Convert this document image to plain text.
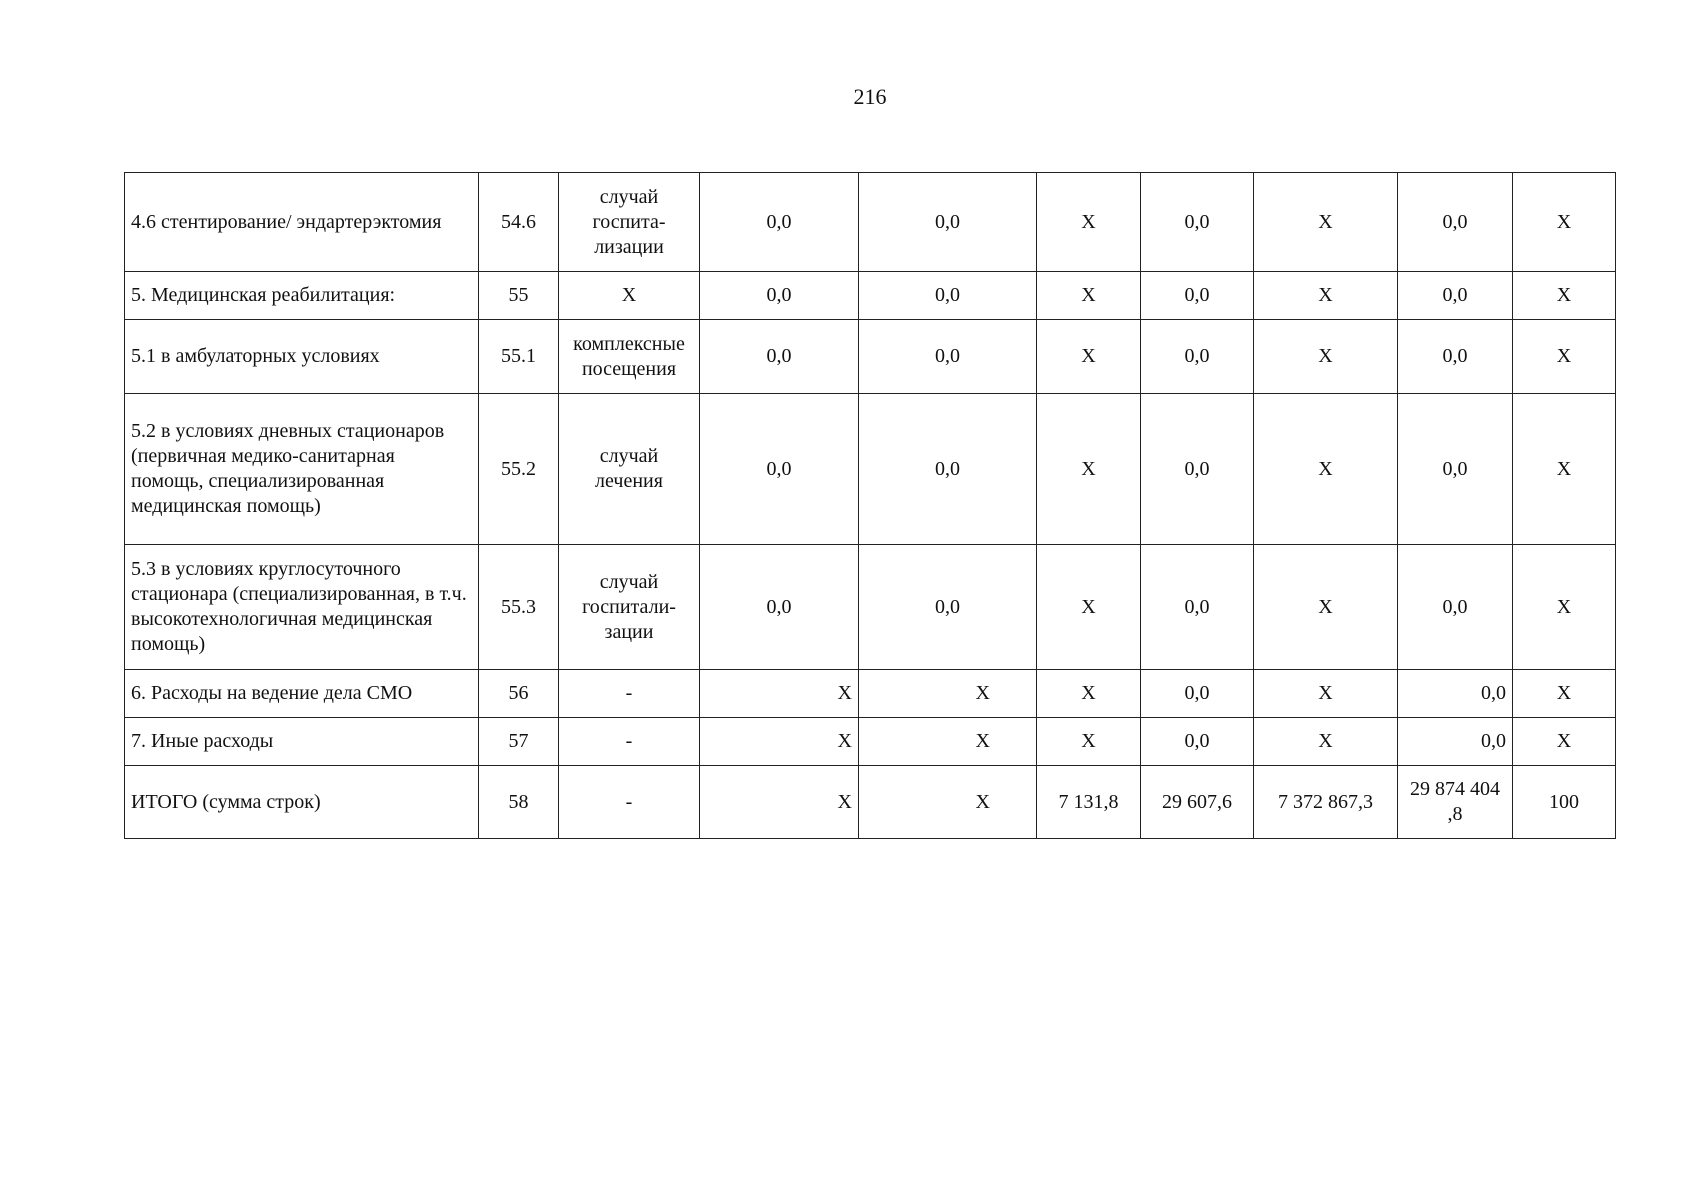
216
4.6 стентирование/ эндартерэктомия	54.6	случай госпита-лизации	0,0	0,0	X	0,0	X	0,0	X
5. Медицинская реабилитация:	55	X	0,0	0,0	X	0,0	X	0,0	X
5.1 в амбулаторных условиях	55.1	комплексные посещения	0,0	0,0	X	0,0	X	0,0	X
5.2 в условиях дневных стационаров (первичная медико-санитарная помощь, специализированная медицинская помощь)	55.2	случай лечения	0,0	0,0	X	0,0	X	0,0	X
5.3 в условиях круглосуточного стационара (специализированная, в т.ч. высокотехнологичная медицинская помощь)	55.3	случай госпитали-зации	0,0	0,0	X	0,0	X	0,0	X
6. Расходы на ведение дела СМО	56	-	X	X	X	0,0	X	0,0	X
7. Иные расходы	57	-	X	X	X	0,0	X	0,0	X
ИТОГО (сумма строк)	58	-	X	X	7 131,8	29 607,6	7 372 867,3	29 874 404 ,8	100
